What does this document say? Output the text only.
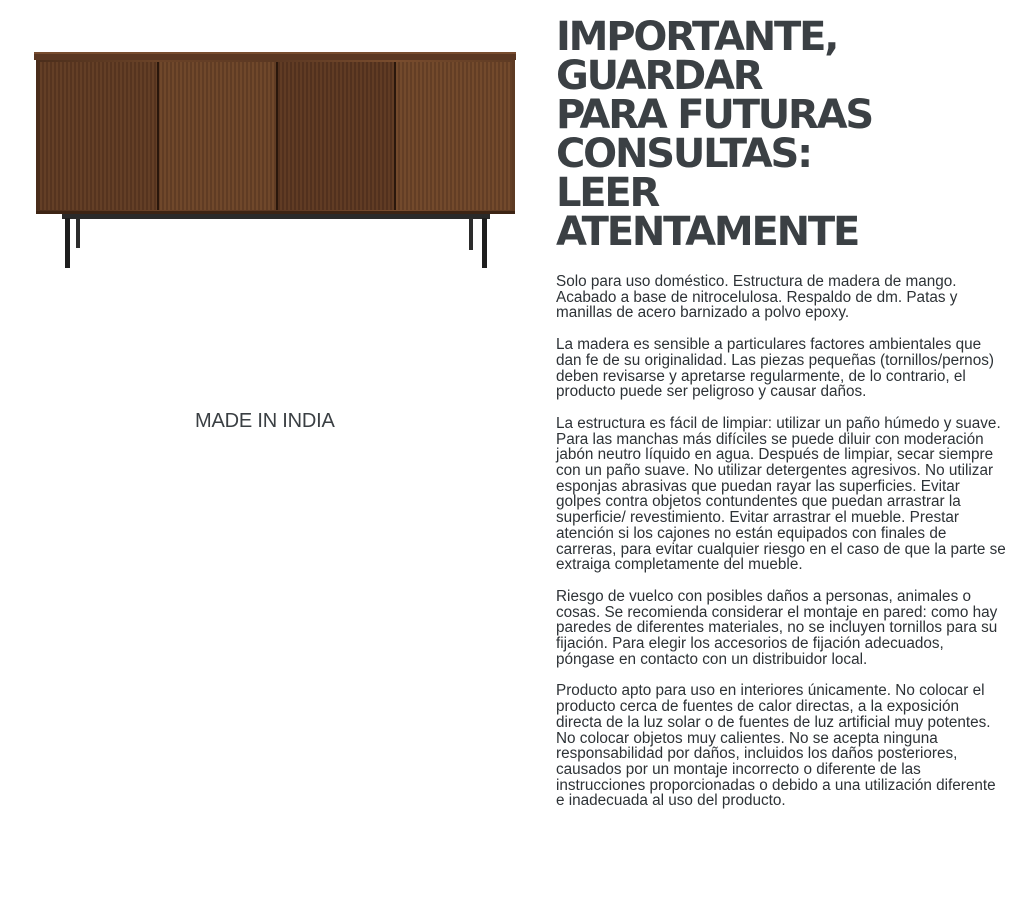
MADE IN INDIA
IMPORTANTE,
GUARDAR
PARA FUTURAS
CONSULTAS:
LEER
ATENTAMENTE

Solo para uso doméstico. Estructura de madera de mango. Acabado a base de nitrocelulosa. Respaldo de dm. Patas y manillas de acero barnizado a polvo epoxy.

La madera es sensible a particulares factores ambientales que dan fe de su originalidad. Las piezas pequeñas (tornillos/pernos) deben revisarse y apretarse regularmente, de lo contrario, el producto puede ser peligroso y causar daños.

La estructura es fácil de limpiar: utilizar un paño húmedo y suave. Para las manchas más difíciles se puede diluir con moderación jabón neutro líquido en agua. Después de limpiar, secar siempre con un paño suave. No utilizar detergentes agresivos. No utilizar esponjas abrasivas que puedan rayar las superficies. Evitar golpes contra objetos contundentes que puedan arrastrar la superficie/ revestimiento. Evitar arrastrar el mueble. Prestar atención si los cajones no están equipados con finales de carreras, para evitar cualquier riesgo en el caso de que la parte se extraiga completamente del mueble.

Riesgo de vuelco con posibles daños a personas, animales o cosas. Se recomienda considerar el montaje en pared: como hay paredes de diferentes materiales, no se incluyen tornillos para su fijación. Para elegir los accesorios de fijación adecuados, póngase en contacto con un distribuidor local.

Producto apto para uso en interiores únicamente. No colocar el producto cerca de fuentes de calor directas, a la exposición directa de la luz solar o de fuentes de luz artificial muy potentes. No colocar objetos muy calientes. No se acepta ninguna responsabilidad por daños, incluidos los daños posteriores, causados por un montaje incorrecto o diferente de las instrucciones proporcionadas o debido a una utilización diferente e inadecuada al uso del producto.
